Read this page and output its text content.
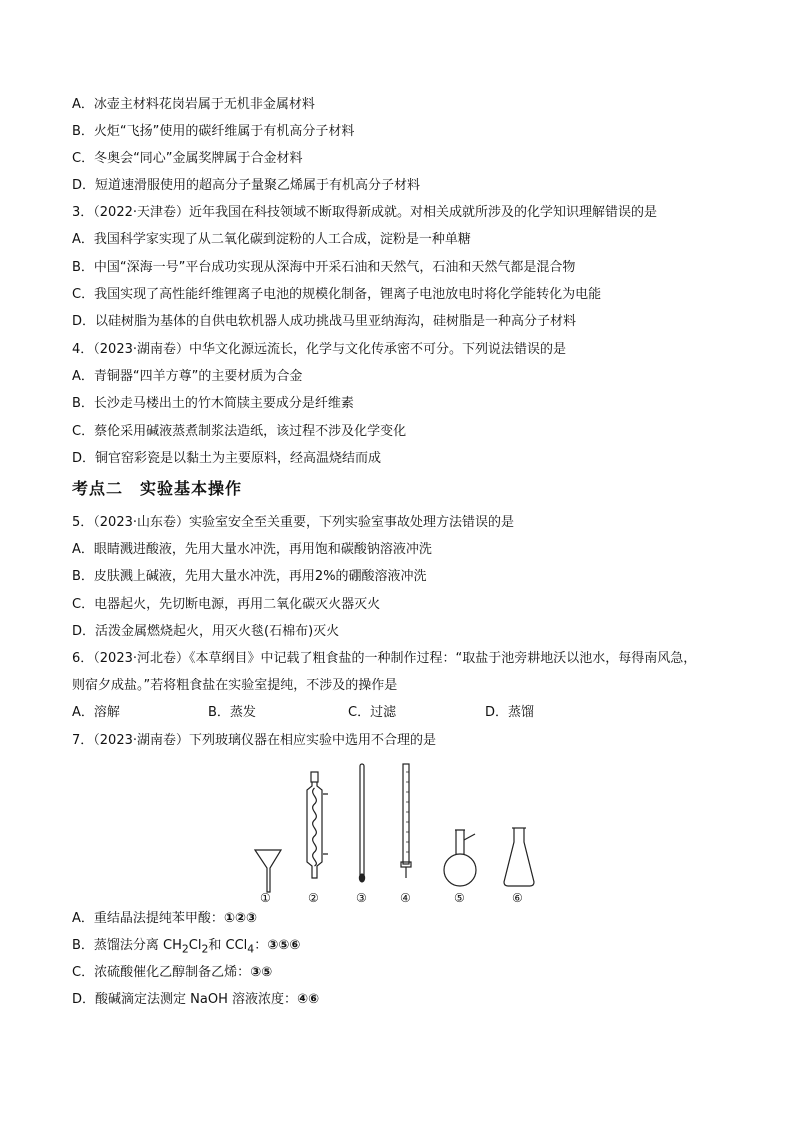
A．冰壶主材料花岗岩属于无机非金属材料
B．火炬“飞扬”使用的碳纤维属于有机高分子材料
C．冬奥会“同心”金属奖牌属于合金材料
D．短道速滑服使用的超高分子量聚乙烯属于有机高分子材料
3．（2022·天津卷）近年我国在科技领域不断取得新成就。对相关成就所涉及的化学知识理解错误的是
A．我国科学家实现了从二氧化碳到淀粉的人工合成，淀粉是一种单糖
B．中国“深海一号”平台成功实现从深海中开采石油和天然气，石油和天然气都是混合物
C．我国实现了高性能纤维锂离子电池的规模化制备，锂离子电池放电时将化学能转化为电能
D．以硅树脂为基体的自供电软机器人成功挑战马里亚纳海沟，硅树脂是一种高分子材料
4．（2023·湖南卷）中华文化源远流长，化学与文化传承密不可分。下列说法错误的是
A．青铜器“四羊方尊”的主要材质为合金
B．长沙走马楼出土的竹木简牍主要成分是纤维素
C．蔡伦采用碱液蒸煮制浆法造纸，该过程不涉及化学变化
D．铜官窑彩瓷是以黏土为主要原料，经高温烧结而成
考点二　实验基本操作
5．（2023·山东卷）实验室安全至关重要，下列实验室事故处理方法错误的是
A．眼睛溅进酸液，先用大量水冲洗，再用饱和碳酸钠溶液冲洗
B．皮肤溅上碱液，先用大量水冲洗，再用2%的硼酸溶液冲洗
C．电器起火，先切断电源，再用二氧化碳灭火器灭火
D．活泼金属燃烧起火，用灭火毯(石棉布)灭火
6．（2023·河北卷）《本草纲目》中记载了粗食盐的一种制作过程：“取盐于池旁耕地沃以池水，每得南风急，
则宿夕成盐。”若将粗食盐在实验室提纯，不涉及的操作是
A．溶解	B．蒸发	C．过滤	D．蒸馏
7．（2023·湖南卷）下列玻璃仪器在相应实验中选用不合理的是
①	②	③	④	⑤	⑥
A．重结晶法提纯苯甲酸：①②③
B．蒸馏法分离 $CH_2Cl_2$和 CCl$_4$：③⑤⑥
C．浓硫酸催化乙醇制备乙烯：③⑤
D．酸碱滴定法测定 NaOH 溶液浓度：④⑥
